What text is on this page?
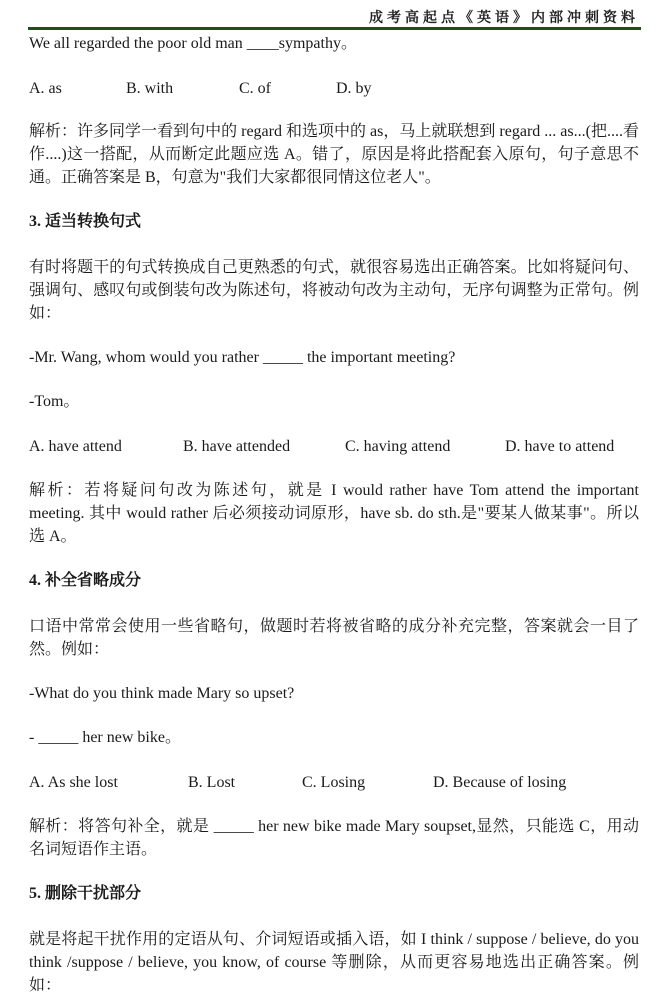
成考高起点《英语》内部冲刺资料
We all regarded the poor old man ____sympathy。
A. as	B. with	C. of	D. by
解析：许多同学一看到句中的 regard 和选项中的 as，马上就联想到 regard ... as...(把....看作....)这一搭配，从而断定此题应选 A。错了，原因是将此搭配套入原句，句子意思不通。正确答案是 B，句意为"我们大家都很同情这位老人"。
3. 适当转换句式
有时将题干的句式转换成自己更熟悉的句式，就很容易选出正确答案。比如将疑问句、强调句、感叹句或倒装句改为陈述句，将被动句改为主动句，无序句调整为正常句。例如：
-Mr. Wang, whom would you rather _____ the important meeting?
-Tom。
A. have attend	B. have attended	C. having attend	D. have to attend
解析：若将疑问句改为陈述句，就是 I would rather have Tom attend the important meeting. 其中 would rather 后必须接动词原形，have sb. do sth.是"要某人做某事"。所以选 A。
4. 补全省略成分
口语中常常会使用一些省略句，做题时若将被省略的成分补充完整，答案就会一目了然。例如：
-What do you think made Mary so upset?
- _____ her new bike。
A. As she lost	B. Lost	C. Losing	D. Because of losing
解析：将答句补全，就是 _____ her new bike made Mary soupset,显然，只能选 C，用动名词短语作主语。
5. 删除干扰部分
就是将起干扰作用的定语从句、介词短语或插入语，如 I think / suppose / believe, do you think /suppose / believe, you know, of course 等删除，从而更容易地选出正确答案。例如：
